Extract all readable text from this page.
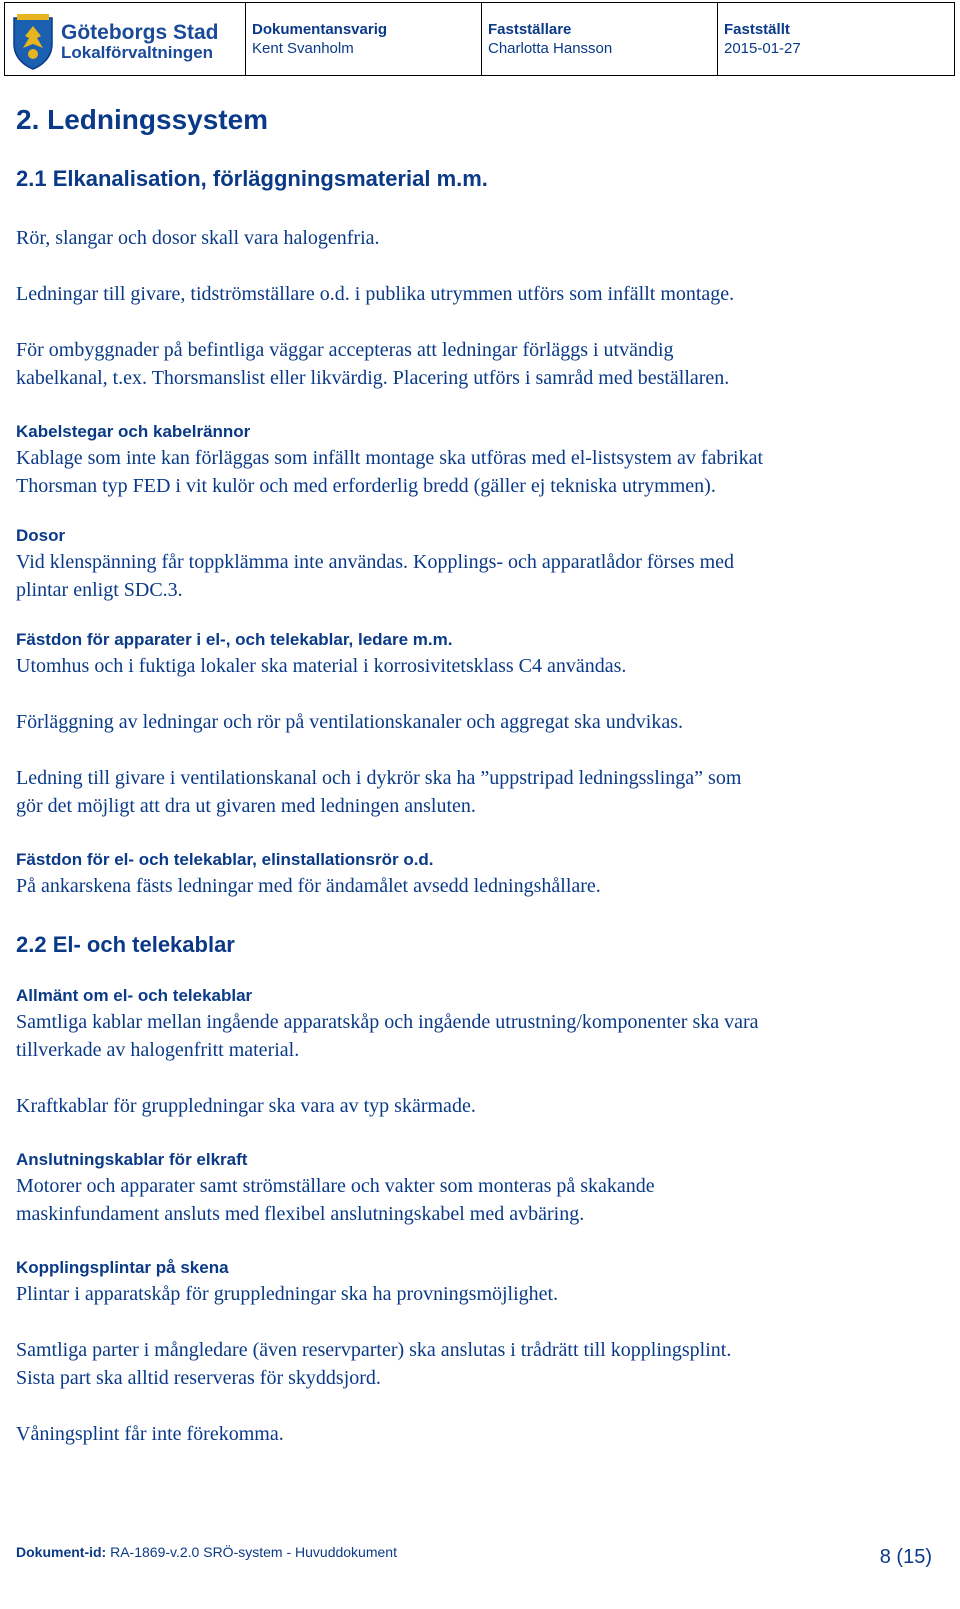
Göteborgs Stad
Lokalförvaltningen
Dokumentansvarig
Kent Svanholm
Fastställare
Charlotta Hansson
Fastställt
2015-01-27
2. Ledningssystem
2.1 Elkanalisation, förläggningsmaterial m.m.
Rör, slangar och dosor skall vara halogenfria.
Ledningar till givare, tidströmställare o.d. i publika utrymmen utförs som infällt montage.
För ombyggnader på befintliga väggar accepteras att ledningar förläggs i utvändig
kabelkanal, t.ex. Thorsmanslist eller likvärdig. Placering utförs i samråd med beställaren.
Kabelstegar och kabelrännor
Kablage som inte kan förläggas som infällt montage ska utföras med el-listsystem av fabrikat
Thorsman typ FED i vit kulör och med erforderlig bredd (gäller ej tekniska utrymmen).
Dosor
Vid klenspänning får toppklämma inte användas. Kopplings- och apparatlådor förses med
plintar enligt SDC.3.
Fästdon för apparater i el-, och telekablar, ledare m.m.
Utomhus och i fuktiga lokaler ska material i korrosivitetsklass C4 användas.
Förläggning av ledningar och rör på ventilationskanaler och aggregat ska undvikas.
Ledning till givare i ventilationskanal och i dykrör ska ha ”uppstripad ledningsslinga” som
gör det möjligt att dra ut givaren med ledningen ansluten.
Fästdon för el- och telekablar, elinstallationsrör o.d.
På ankarskena fästs ledningar med för ändamålet avsedd ledningshållare.
2.2 El- och telekablar
Allmänt om el- och telekablar
Samtliga kablar mellan ingående apparatskåp och ingående utrustning/komponenter ska vara
tillverkade av halogenfritt material.
Kraftkablar för gruppledningar ska vara av typ skärmade.
Anslutningskablar för elkraft
Motorer och apparater samt strömställare och vakter som monteras på skakande
maskinfundament ansluts med flexibel anslutningskabel med avbäring.
Kopplingsplintar på skena
Plintar i apparatskåp för gruppledningar ska ha provningsmöjlighet.
Samtliga parter i mångledare (även reservparter) ska anslutas i trådrätt till kopplingsplint.
Sista part ska alltid reserveras för skyddsjord.
Våningsplint får inte förekomma.
Dokument-id: RA-1869-v.2.0 SRÖ-system - Huvuddokument	8 (15)
